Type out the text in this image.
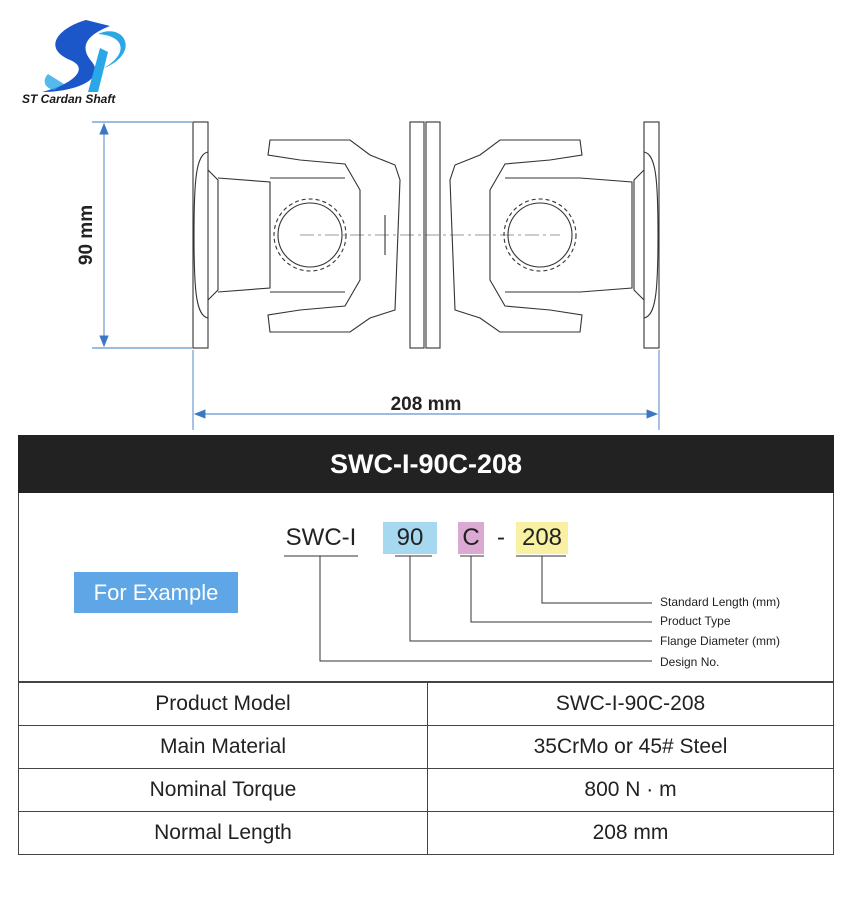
ST Cardan Shaft
90 mm
208 mm
SWC-I-90C-208
For Example
SWC-I	90	C - 208
Standard Length (mm)
Product Type
Flange Diameter (mm)
Design No.
Product Model	SWC-I-90C-208
Main Material	35CrMo or 45# Steel
Nominal Torque	800 N · m
Normal Length	208 mm
